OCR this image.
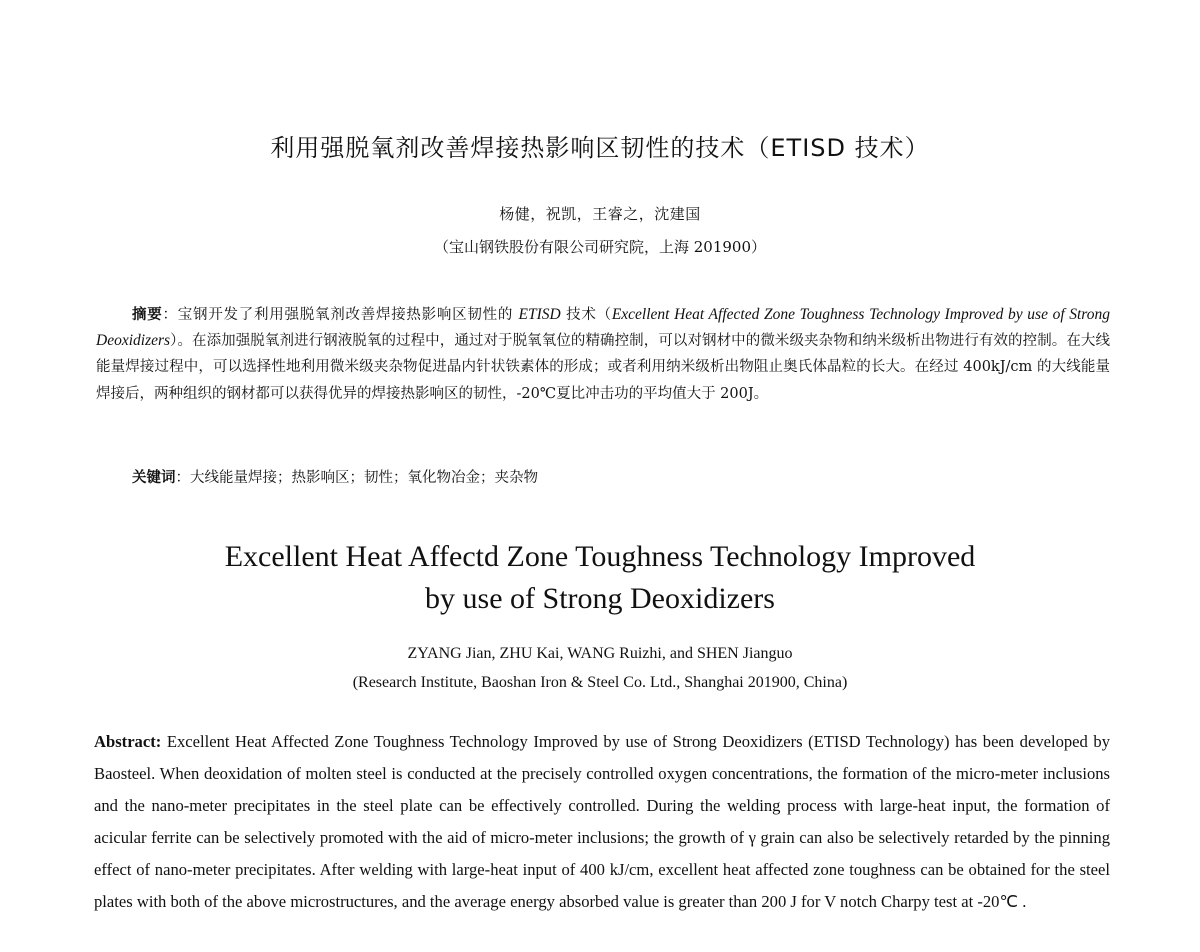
利用强脱氧剂改善焊接热影响区韧性的技术（ETISD 技术）
杨健，祝凯，王睿之，沈建国
（宝山钢铁股份有限公司研究院，上海 201900）
摘要：宝钢开发了利用强脱氧剂改善焊接热影响区韧性的 ETISD 技术（Excellent Heat Affected Zone Toughness Technology Improved by use of Strong Deoxidizers）。在添加强脱氧剂进行钢液脱氧的过程中，通过对于脱氧氧位的精确控制，可以对钢材中的微米级夹杂物和纳米级析出物进行有效的控制。在大线能量焊接过程中，可以选择性地利用微米级夹杂物促进晶内针状铁素体的形成；或者利用纳米级析出物阻止奥氏体晶粒的长大。在经过 400kJ/cm 的大线能量焊接后，两种组织的钢材都可以获得优异的焊接热影响区的韧性，-20℃夏比冲击功的平均值大于 200J。
关键词：大线能量焊接；热影响区；韧性；氧化物冶金；夹杂物
Excellent Heat Affectd Zone Toughness Technology Improved
by use of Strong Deoxidizers
ZYANG Jian, ZHU Kai, WANG Ruizhi, and SHEN Jianguo
(Research Institute, Baoshan Iron & Steel Co. Ltd., Shanghai 201900, China)
Abstract: Excellent Heat Affected Zone Toughness Technology Improved by use of Strong Deoxidizers (ETISD Technology) has been developed by Baosteel. When deoxidation of molten steel is conducted at the precisely controlled oxygen concentrations, the formation of the micro-meter inclusions and the nano-meter precipitates in the steel plate can be effectively controlled. During the welding process with large-heat input, the formation of acicular ferrite can be selectively promoted with the aid of micro-meter inclusions; the growth of γ grain can also be selectively retarded by the pinning effect of nano-meter precipitates. After welding with large-heat input of 400 kJ/cm, excellent heat affected zone toughness can be obtained for the steel plates with both of the above microstructures, and the average energy absorbed value is greater than 200 J for V notch Charpy test at -20℃ .
